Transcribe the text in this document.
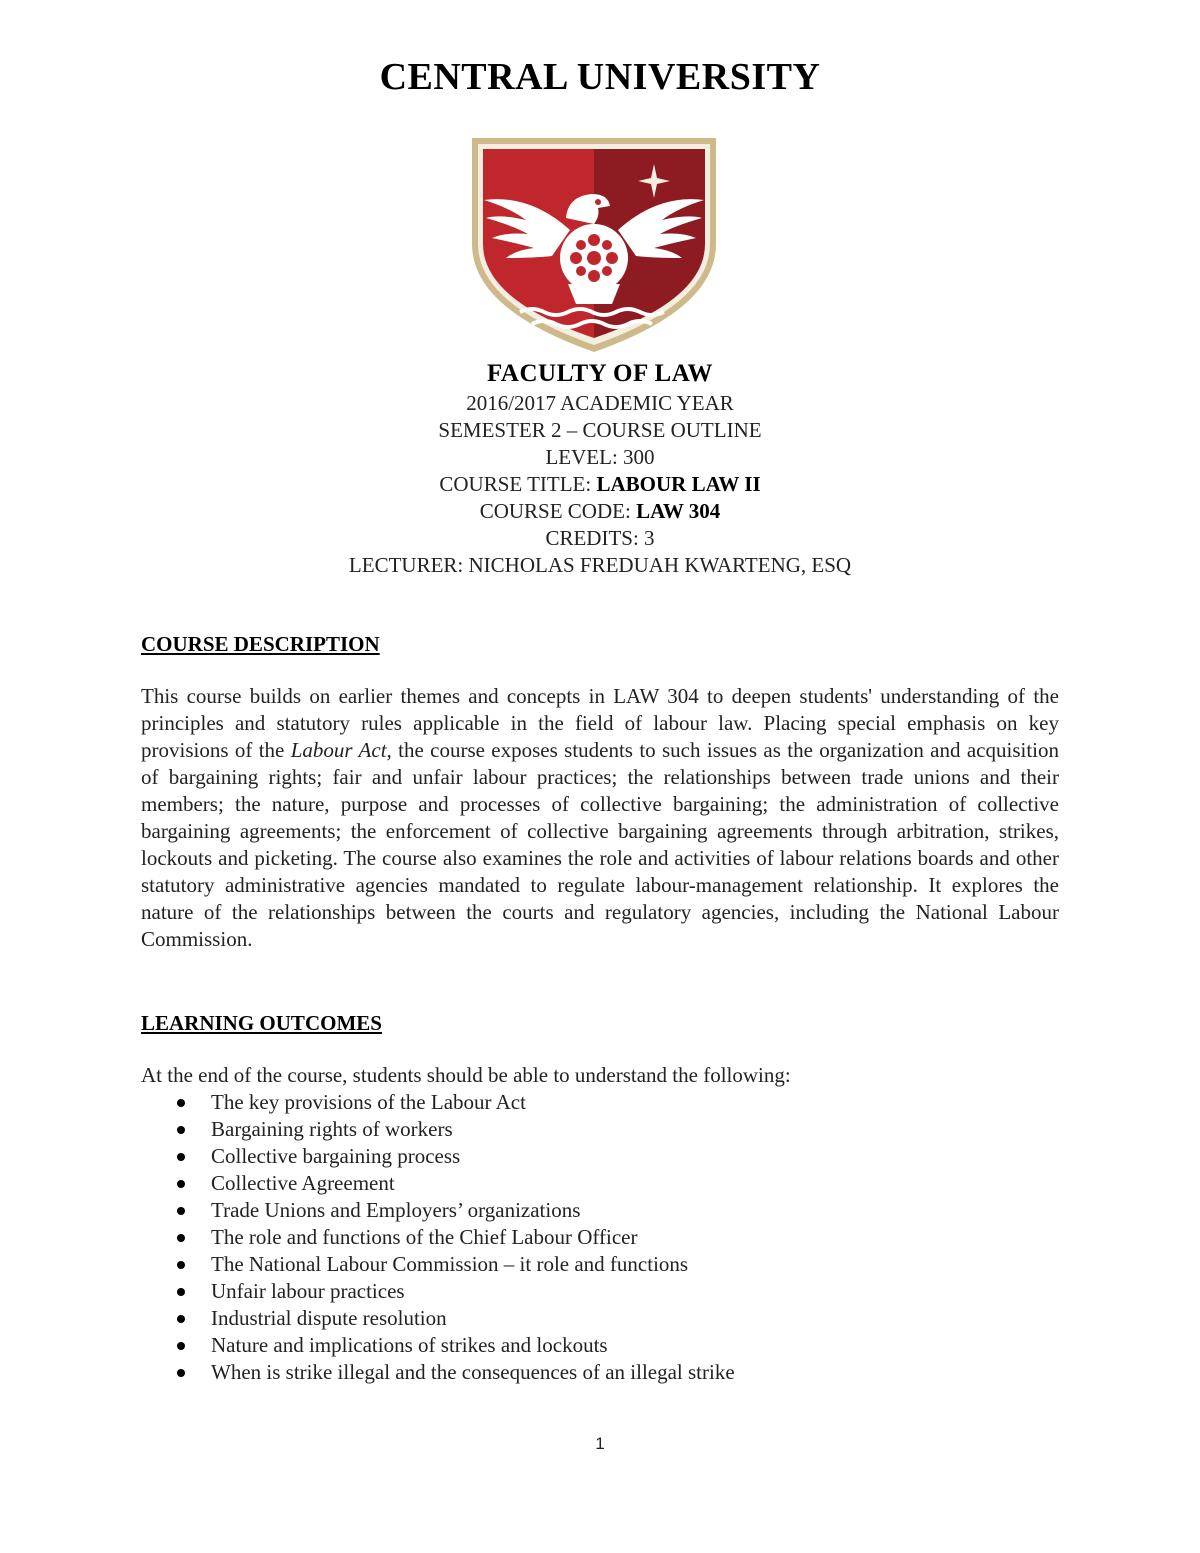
CENTRAL UNIVERSITY
FACULTY OF LAW
2016/2017 ACADEMIC YEAR
SEMESTER 2 – COURSE OUTLINE
LEVEL: 300
COURSE TITLE: LABOUR LAW II
COURSE CODE: LAW 304
CREDITS: 3
LECTURER: NICHOLAS FREDUAH KWARTENG, ESQ
COURSE DESCRIPTION

This course builds on earlier themes and concepts in LAW 304 to deepen students' understanding of the principles and statutory rules applicable in the field of labour law. Placing special emphasis on key provisions of the Labour Act, the course exposes students to such issues as the organization and acquisition of bargaining rights; fair and unfair labour practices; the relationships between trade unions and their members; the nature, purpose and processes of collective bargaining; the administration of collective bargaining agreements; the enforcement of collective bargaining agreements through arbitration, strikes, lockouts and picketing. The course also examines the role and activities of labour relations boards and other statutory administrative agencies mandated to regulate labour-management relationship. It explores the nature of the relationships between the courts and regulatory agencies, including the National Labour Commission.

LEARNING OUTCOMES

At the end of the course, students should be able to understand the following:

The key provisions of the Labour Act
Bargaining rights of workers
Collective bargaining process
Collective Agreement
Trade Unions and Employers’ organizations
The role and functions of the Chief Labour Officer
The National Labour Commission – it role and functions
Unfair labour practices
Industrial dispute resolution
Nature and implications of strikes and lockouts
When is strike illegal and the consequences of an illegal strike
1
